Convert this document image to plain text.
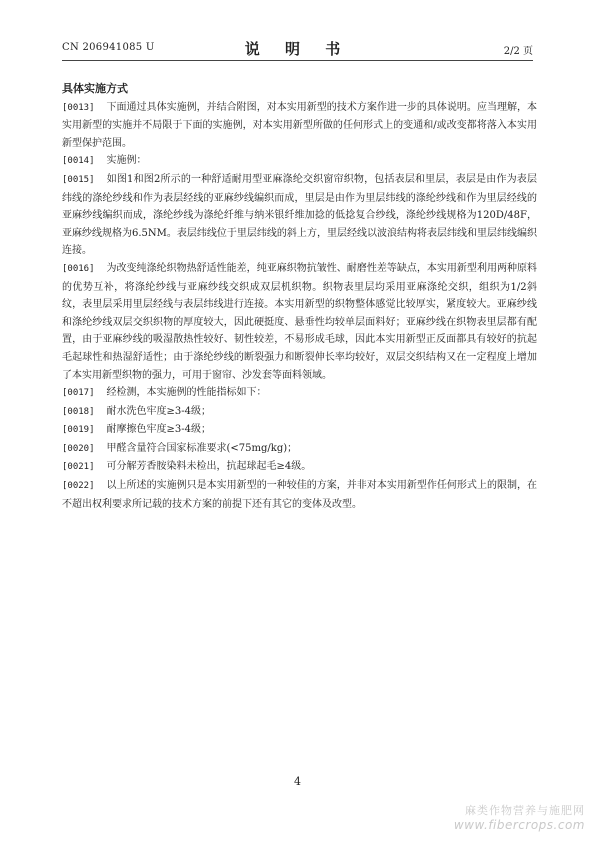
CN 206941085 U	说 明 书	2/2 页
具体实施方式

[0013] 下面通过具体实施例，并结合附图，对本实用新型的技术方案作进一步的具体说明。应当理解，本实用新型的实施并不局限于下面的实施例，对本实用新型所做的任何形式上的变通和/或改变都将落入本实用新型保护范围。

[0014] 实施例：

[0015] 如图1和图2所示的一种舒适耐用型亚麻涤纶交织窗帘织物，包括表层和里层，表层是由作为表层纬线的涤纶纱线和作为表层经线的亚麻纱线编织而成，里层是由作为里层纬线的涤纶纱线和作为里层经线的亚麻纱线编织而成，涤纶纱线为涤纶纤维与纳米银纤维加捻的低捻复合纱线，涤纶纱线规格为120D/48F，亚麻纱线规格为6.5NM。表层纬线位于里层纬线的斜上方，里层经线以波浪结构将表层纬线和里层纬线编织连接。

[0016] 为改变纯涤纶织物热舒适性能差，纯亚麻织物抗皱性、耐磨性差等缺点，本实用新型利用两种原料的优势互补，将涤纶纱线与亚麻纱线交织成双层机织物。织物表里层均采用亚麻涤纶交织，组织为1/2斜纹，表里层采用里层经线与表层纬线进行连接。本实用新型的织物整体感觉比较厚实，紧度较大。亚麻纱线和涤纶纱线双层交织织物的厚度较大，因此硬挺度、悬垂性均较单层面料好；亚麻纱线在织物表里层都有配置，由于亚麻纱线的吸湿散热性较好、韧性较差，不易形成毛球，因此本实用新型正反面都具有较好的抗起毛起球性和热湿舒适性；由于涤纶纱线的断裂强力和断裂伸长率均较好，双层交织结构又在一定程度上增加了本实用新型织物的强力，可用于窗帘、沙发套等面料领域。

[0017] 经检测，本实施例的性能指标如下：

[0018] 耐水洗色牢度≥3-4级；

[0019] 耐摩擦色牢度≥3-4级；

[0020] 甲醛含量符合国家标准要求(<75mg/kg)；

[0021] 可分解芳香胺染料未检出，抗起球起毛≥4级。

[0022] 以上所述的实施例只是本实用新型的一种较佳的方案，并非对本实用新型作任何形式上的限制，在不超出权利要求所记载的技术方案的前提下还有其它的变体及改型。

4
麻类作物营养与施肥网
www.fibercrops.com
